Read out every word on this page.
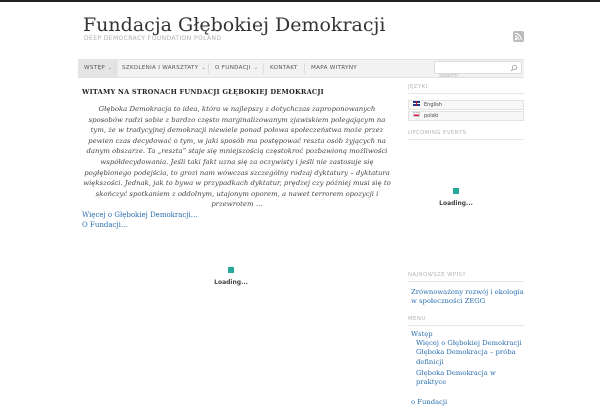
Fundacja Głębokiej Demokracji
DEEP DEMOCRACY FOUNDATION POLAND
WSTĘP ⌄	SZKOLENIA I WARSZTATY ⌄	O FUNDACJI ⌄	KONTAKT	MAPA WITRYNY
Search
WITAMY NA STRONACH FUNDACJI GŁĘBOKIEJ DEMOKRACJI
Głęboka Demokracja to idea, która w najlepszy z dotychczas zaproponowanych sposobów radzi sobie z bardzo często marginalizowanym zjawiskiem polegającym na tym, że w tradycyjnej demokracji niewiele ponad połowa społeczeństwa może przez pewien czas decydować o tym, w jaki sposób ma postępować reszta osób żyjących na danym obszarze. Ta „reszta” staje się mniejszością częstokroć pozbawioną możliwości współdecydowania. Jeśli taki fakt uzna się za oczywisty i jeśli nie zastosuje się pogłębionego podejścia, to grozi nam wówczas szczególny rodzaj dyktatury – dyktatura większości. Jednak, jak to bywa w przypadkach dyktatur, prędzej czy później musi się to skończyć spotkaniem z oddolnym, utajonym oporem, a nawet terrorem opozycji i przewrotem …
Więcej o Głębokiej Demokracji...
O Fundacji...
Loading...
JĘZYKI
English
polski
UPCOMING EVENTS
Loading...
NAJNOWSZE WPISY
Zrównoważony rozwój i ekologia w społeczności ZEGG
MENU
Wstęp
Więcej o Głębokiej Demokracji
Głęboka Demokracja – próba definicji
Głęboka Demokracja w praktyce
o Fundacji
